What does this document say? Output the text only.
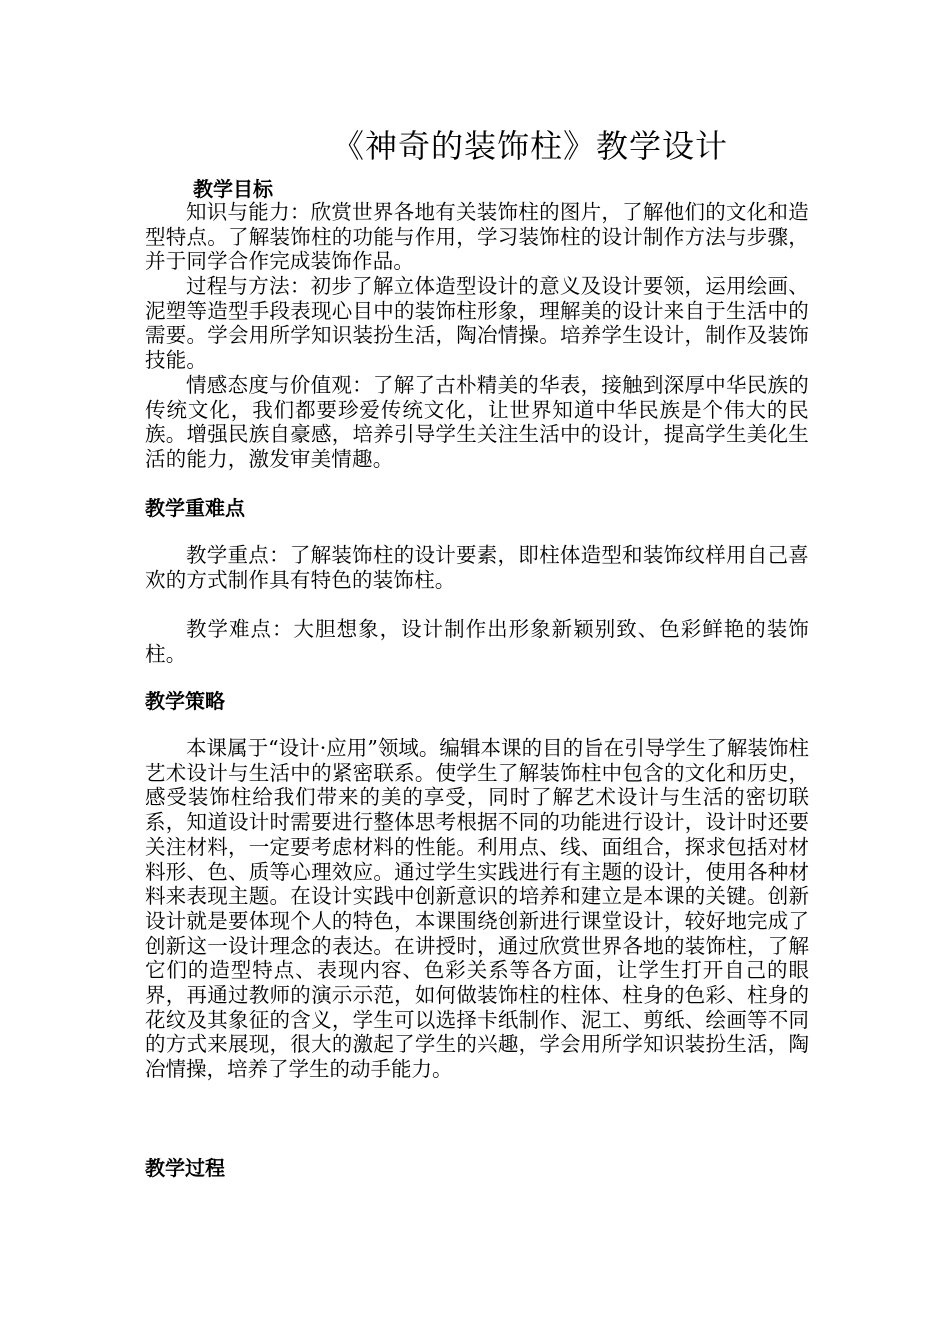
《神奇的装饰柱》教学设计
教学目标

知识与能力：欣赏世界各地有关装饰柱的图片，了解他们的文化和造型特点。了解装饰柱的功能与作用，学习装饰柱的设计制作方法与步骤，并于同学合作完成装饰作品。

过程与方法：初步了解立体造型设计的意义及设计要领，运用绘画、泥塑等造型手段表现心目中的装饰柱形象，理解美的设计来自于生活中的需要。学会用所学知识装扮生活，陶冶情操。培养学生设计，制作及装饰技能。

情感态度与价值观：了解了古朴精美的华表，接触到深厚中华民族的传统文化，我们都要珍爱传统文化，让世界知道中华民族是个伟大的民族。增强民族自豪感，培养引导学生关注生活中的设计，提高学生美化生活的能力，激发审美情趣。

教学重难点

教学重点：了解装饰柱的设计要素，即柱体造型和装饰纹样用自己喜欢的方式制作具有特色的装饰柱。

教学难点：大胆想象，设计制作出形象新颖别致、色彩鲜艳的装饰柱。

教学策略

本课属于“设计·应用”领域。编辑本课的目的旨在引导学生了解装饰柱艺术设计与生活中的紧密联系。使学生了解装饰柱中包含的文化和历史，感受装饰柱给我们带来的美的享受，同时了解艺术设计与生活的密切联系，知道设计时需要进行整体思考根据不同的功能进行设计，设计时还要关注材料，一定要考虑材料的性能。利用点、线、面组合，探求包括对材料形、色、质等心理效应。通过学生实践进行有主题的设计，使用各种材料来表现主题。在设计实践中创新意识的培养和建立是本课的关键。创新设计就是要体现个人的特色，本课围绕创新进行课堂设计，较好地完成了创新这一设计理念的表达。在讲授时，通过欣赏世界各地的装饰柱，了解它们的造型特点、表现内容、色彩关系等各方面，让学生打开自己的眼界，再通过教师的演示示范，如何做装饰柱的柱体、柱身的色彩、柱身的花纹及其象征的含义，学生可以选择卡纸制作、泥工、剪纸、绘画等不同的方式来展现，很大的激起了学生的兴趣，学会用所学知识装扮生活，陶冶情操，培养了学生的动手能力。

教学过程
